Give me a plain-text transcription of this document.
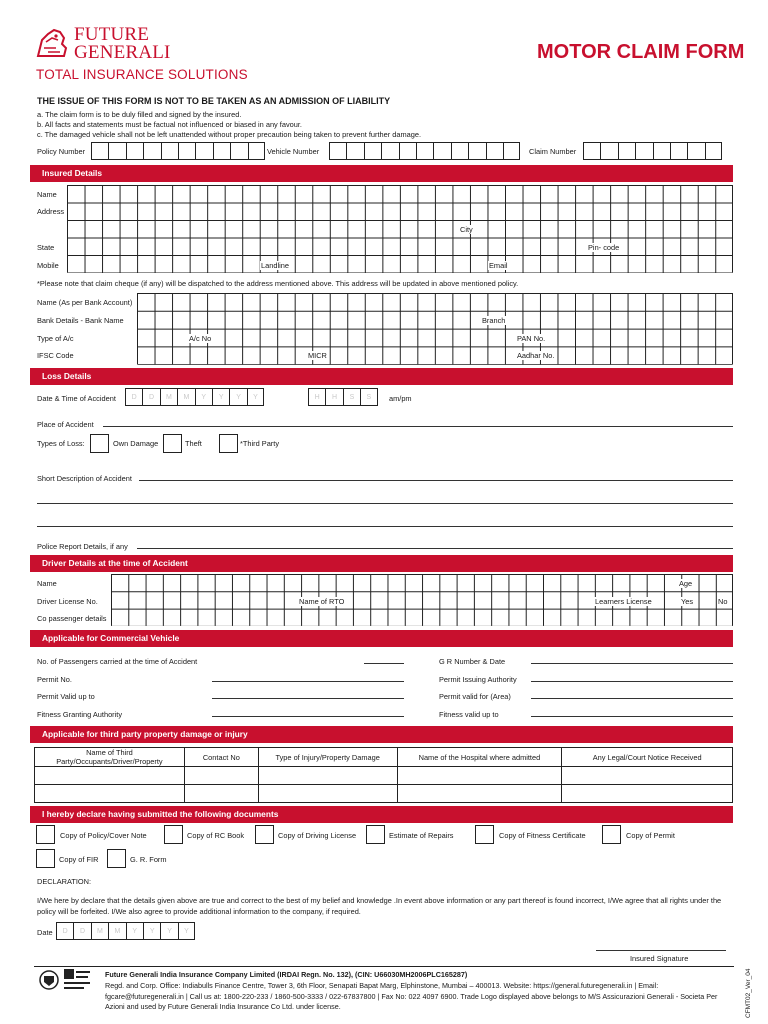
FUTURE
GENERALI
TOTAL INSURANCE SOLUTIONS
MOTOR CLAIM FORM
THE ISSUE OF THIS FORM IS NOT TO BE TAKEN AS AN ADMISSION OF LIABILITY
a. The claim form is to be duly filled and signed by the insured.
b. All facts and statements must be factual not influenced or biased in any favour.
c. The damaged vehicle shall not be left unattended without proper precaution being taken to prevent further damage.
Policy Number	Vehicle Number	Claim Number
Insured Details
Name
Address
City
State	Pin- code
Mobile	Landline	Email
*Please note that claim cheque (if any) will be dispatched to the address mentioned above. This address will be updated in above mentioned policy.
Name (As per Bank Account)
Bank Details - Bank Name	Branch
Type of A/c	A/c No	PAN No.
IFSC Code	MICR	Aadhar No.
Loss Details
Date & Time of Accident	D	D	M	M	Y	Y	Y	Y	H	H	S	S	am/pm
Place of Accident
Types of Loss:	Own Damage	Theft	*Third Party
Short Description of Accident
Police Report Details, if any
Driver Details at the time of Accident
Name	Age
Driver License No.	Name of RTO	Learners License	Yes	No
Co passenger details
Applicable for Commercial Vehicle
No. of Passengers carried at the time of Accident	G R Number & Date
Permit No.	Permit Issuing Authority
Permit Valid up to	Permit valid for (Area)
Fitness Granting Authority	Fitness valid up to
Applicable for third party property damage or injury
Name of Third Party/Occupants/Driver/Property	Contact No	Type of Injury/Property Damage	Name of the Hospital where admitted	Any Legal/Court Notice Received

I hereby declare having submitted the following documents
Copy of Policy/Cover Note	Copy of RC Book	Copy of Driving License	Estimate of Repairs	Copy of Fitness Certificate	Copy of Permit
Copy of FIR	G. R. Form
DECLARATION:
I/We here by declare that the details given above are true and correct to the best of my belief and knowledge .In event above information or any part thereof is found incorrect, I/We agree that all rights under the policy will be forfeited. I/We also agree to provide additional information to the company, if required.
Date	D	D	M	M	Y	Y	Y	Y
Insured Signature
Future Generali India Insurance Company Limited (IRDAI Regn. No. 132), (CIN: U66030MH2006PLC165287)
Regd. and Corp. Office: Indiabulls Finance Centre, Tower 3, 6th Floor, Senapati Bapat Marg, Elphinstone, Mumbai – 400013. Website: https://general.futuregenerali.in | Email: fgcare@futuregenerali.in | Call us at: 1800-220-233 / 1860-500-3333 / 022-67837800 | Fax No: 022 4097 6900. Trade Logo displayed above belongs to M/S Assicurazioni Generali - Societa Per Azioni and used by Future Generali India Insurance Co Ltd. under license.	CFMT02_Ver_04
